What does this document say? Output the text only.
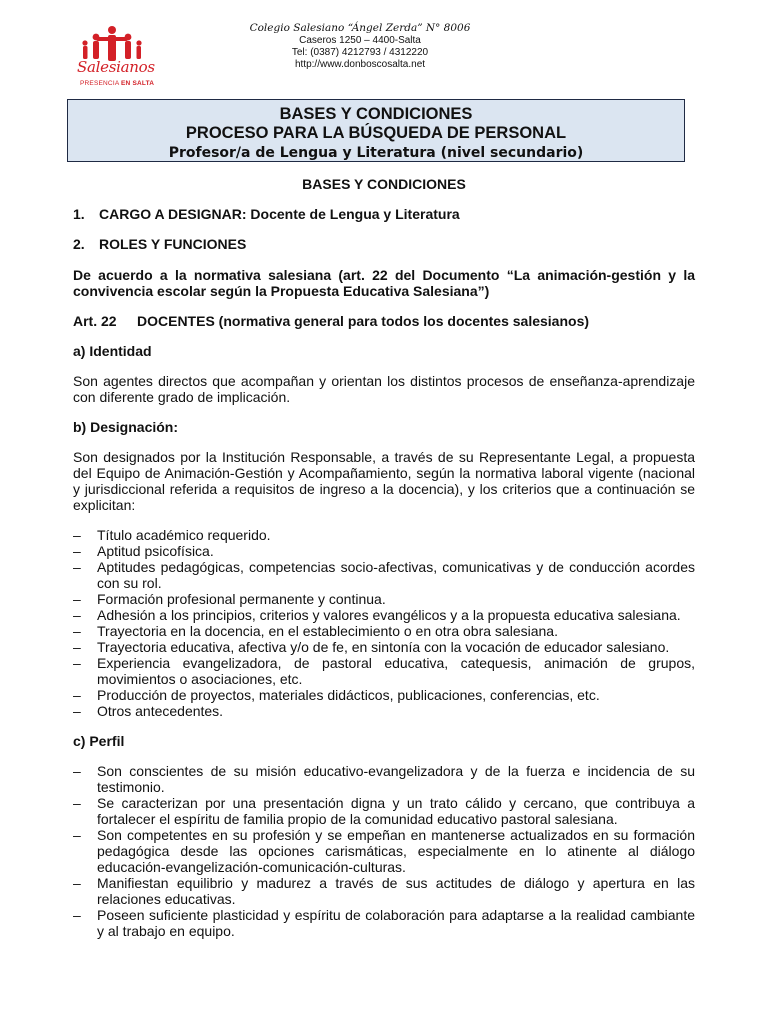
Salesianos
PRESENCIA EN SALTA
Colegio Salesiano “Ángel Zerda” N° 8006
Caseros 1250 – 4400-Salta
Tel: (0387) 4212793 / 4312220
http://www.donboscosalta.net
BASES Y CONDICIONES
PROCESO PARA LA BÚSQUEDA DE PERSONAL
Profesor/a de Lengua y Literatura (nivel secundario)
BASES Y CONDICIONES
1. CARGO A DESIGNAR: Docente de Lengua y Literatura
2. ROLES Y FUNCIONES
De acuerdo a la normativa salesiana (art. 22 del Documento “La animación-gestión y la convivencia escolar según la Propuesta Educativa Salesiana”)
Art. 22 DOCENTES (normativa general para todos los docentes salesianos)
a) Identidad
Son agentes directos que acompañan y orientan los distintos procesos de enseñanza-aprendizaje con diferente grado de implicación.
b) Designación:
Son designados por la Institución Responsable, a través de su Representante Legal, a propuesta del Equipo de Animación-Gestión y Acompañamiento, según la normativa laboral vigente (nacional y jurisdiccional referida a requisitos de ingreso a la docencia), y los criterios que a continuación se explicitan:
– Título académico requerido.
– Aptitud psicofísica.
– Aptitudes pedagógicas, competencias socio-afectivas, comunicativas y de conducción acordes con su rol.
– Formación profesional permanente y continua.
– Adhesión a los principios, criterios y valores evangélicos y a la propuesta educativa salesiana.
– Trayectoria en la docencia, en el establecimiento o en otra obra salesiana.
– Trayectoria educativa, afectiva y/o de fe, en sintonía con la vocación de educador salesiano.
– Experiencia evangelizadora, de pastoral educativa, catequesis, animación de grupos, movimientos o asociaciones, etc.
– Producción de proyectos, materiales didácticos, publicaciones, conferencias, etc.
– Otros antecedentes.
c) Perfil
– Son conscientes de su misión educativo-evangelizadora y de la fuerza e incidencia de su testimonio.
– Se caracterizan por una presentación digna y un trato cálido y cercano, que contribuya a fortalecer el espíritu de familia propio de la comunidad educativo pastoral salesiana.
– Son competentes en su profesión y se empeñan en mantenerse actualizados en su formación pedagógica desde las opciones carismáticas, especialmente en lo atinente al diálogo educación-evangelización-comunicación-culturas.
– Manifiestan equilibrio y madurez a través de sus actitudes de diálogo y apertura en las relaciones educativas.
– Poseen suficiente plasticidad y espíritu de colaboración para adaptarse a la realidad cambiante y al trabajo en equipo.
